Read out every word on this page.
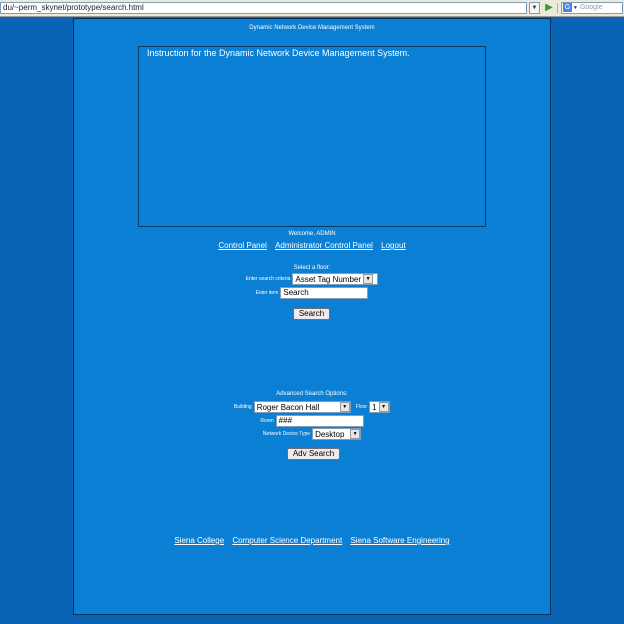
du/~perm_skynet/prototype/search.html	▼ ▶	G ▼ Google
Dynamic Network Device Management System
Instruction for the Dynamic Network Device Management System.
Welcome, ADMIN
Control Panel Administrator Control Panel Logout
Select a floor:
Enter search criteria Asset Tag Number ▼
Enter item Search
Search
Advanced Search Options:
Building Roger Bacon Hall	▼	Floor 1 ▼
Room ###
Network Device Type Desktop	▼
Adv Search
Siena College Computer Science Department Siena Software Engineering
